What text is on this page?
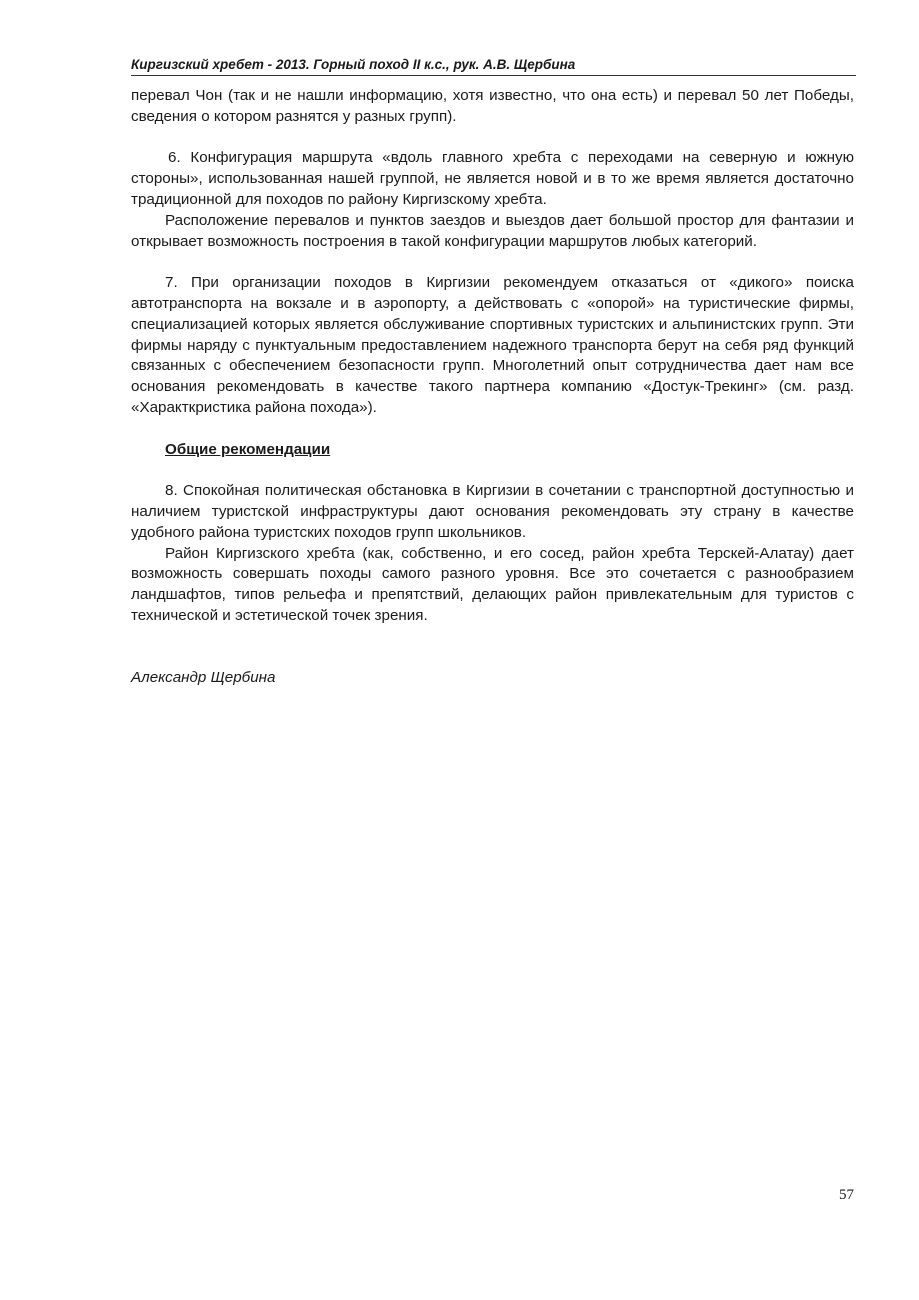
Киргизский хребет - 2013. Горный поход II к.с., рук. А.В. Щербина

перевал Чон (так и не нашли информацию, хотя известно, что она есть) и перевал 50 лет Победы, сведения о котором разнятся у разных групп).

6. Конфигурация маршрута «вдоль главного хребта с переходами на северную и южную стороны», использованная нашей группой, не является новой и в то же время является достаточно традиционной для походов по району Киргизскому хребта.

Расположение перевалов и пунктов заездов и выездов дает большой простор для фантазии и открывает возможность построения в такой конфигурации маршрутов любых категорий.

7. При организации походов в Киргизии рекомендуем отказаться от «дикого» поиска автотранспорта на вокзале и в аэропорту, а действовать с «опорой» на туристические фирмы, специализацией которых является обслуживание спортивных туристских и альпинистских групп. Эти фирмы наряду с пунктуальным предоставлением надежного транспорта берут на себя ряд функций связанных с обеспечением безопасности групп. Многолетний опыт сотрудничества дает нам все основания рекомендовать в качестве такого партнера компанию «Достук-Трекинг» (см. разд. «Характкристика района похода»).

Общие рекомендации

8. Спокойная политическая обстановка в Киргизии в сочетании с транспортной доступностью и наличием туристской инфраструктуры дают основания рекомендовать эту страну в качестве удобного района туристских походов групп школьников.

Район Киргизского хребта (как, собственно, и его сосед, район хребта Терскей-Алатау) дает возможность совершать походы самого разного уровня. Все это сочетается с разнообразием ландшафтов, типов рельефа и препятствий, делающих район привлекательным для туристов с технической и эстетической точек зрения.

Александр Щербина

57
